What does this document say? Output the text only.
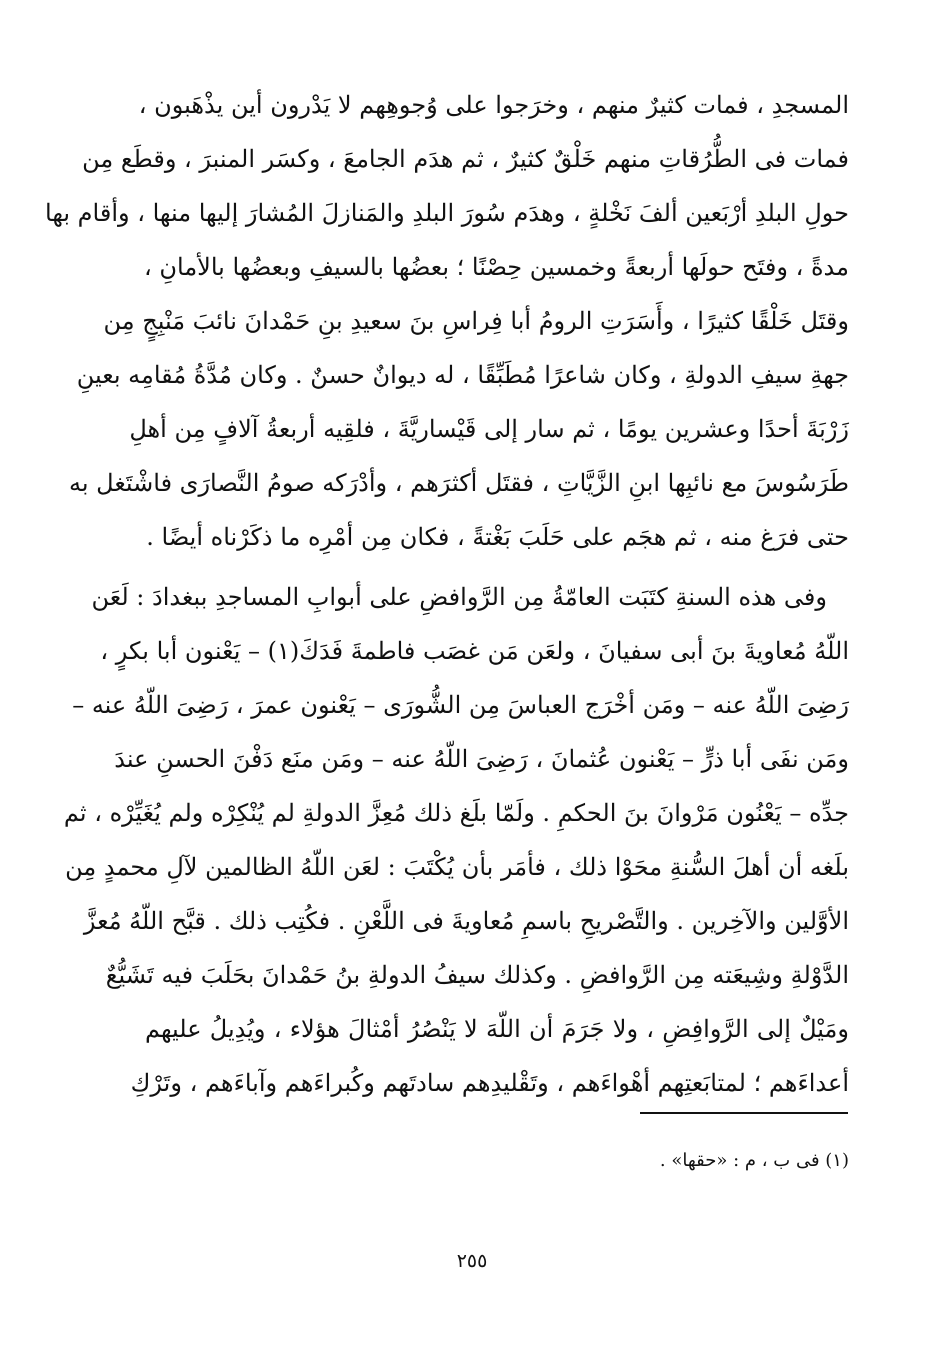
المسجدِ ، فمات كثيرٌ منهم ، وخرَجوا على وُجوهِهم لا يَدْرون أين يذْهَبون ،
فمات فى الطُّرُقاتِ منهم خَلْقٌ كثيرٌ ، ثم هدَم الجامعَ ، وكسَر المنبرَ ، وقطَع مِن
حولِ البلدِ أرْبَعين ألفَ نَخْلةٍ ، وهدَم سُورَ البلدِ والمَنازلَ المُشارَ إليها منها ، وأقام بها
مدةً ، وفتَح حولَها أربعةً وخمسين حِصْنًا ؛ بعضُها بالسيفِ وبعضُها بالأمانِ ،
وقتَل خَلْقًا كثيرًا ، وأَسَرَتِ الرومُ أبا فِراسِ بنَ سعيدِ بنِ حَمْدانَ نائبَ مَنْبِجٍ مِن
جهةِ سيفِ الدولةِ ، وكان شاعرًا مُطَبِّقًا ، له ديوانٌ حسنٌ . وكان مُدَّةُ مُقامِه بعينِ
زَرْبَةَ أحدًا وعشرين يومًا ، ثم سار إلى قَيْساريَّةَ ، فلقِيه أربعةُ آلافٍ مِن أهلِ
طَرَسُوسَ مع نائبِها ابنِ الزَّيَّاتِ ، فقتَل أكثرَهم ، وأدْرَكه صومُ النَّصارَى فاشْتَغل به
حتى فرَغ منه ، ثم هجَم على حَلَبَ بَغْتةً ، فكان مِن أمْرِه ما ذكَرْناه أيضًا .
وفى هذه السنةِ كتَبَت العامّةُ مِن الرَّوافضِ على أبوابِ المساجدِ ببغدادَ : لَعَن
اللّهُ مُعاويةَ بنَ أبى سفيانَ ، ولعَن مَن غصَب فاطمةَ فَدَكَ(١) – يَعْنون أبا بكرٍ ،
رَضِىَ اللّهُ عنه – ومَن أخْرَج العباسَ مِن الشُّورَى – يَعْنون عمرَ ، رَضِىَ اللّهُ عنه –
ومَن نفَى أبا ذرٍّ – يَعْنون عُثمانَ ، رَضِىَ اللّهُ عنه – ومَن منَع دَفْنَ الحسنِ عندَ
جدِّه – يَعْنُون مَرْوانَ بنَ الحكمِ . ولَمّا بلَغ ذلك مُعِزَّ الدولةِ لم يُنْكِرْه ولم يُغَيِّرْه ، ثم
بلَغه أن أهلَ السُّنةِ محَوْا ذلك ، فأمَر بأن يُكْتَبَ : لعَن اللّهُ الظالمين لآلِ محمدٍ مِن
الأوَّلين والآخِرين . والتَّصْريحِ باسمِ مُعاويةَ فى اللَّعْنِ . فكُتِب ذلك . قبَّح اللّهُ مُعزَّ
الدَّوْلةِ وشِيعَته مِن الرَّوافضِ . وكذلك سيفُ الدولةِ بنُ حَمْدانَ بحَلَبَ فيه تَشَيُّعٌ
ومَيْلٌ إلى الرَّوافِضِ ، ولا جَرَمَ أن اللّهَ لا يَنْصُرُ أمْثالَ هؤلاء ، ويُدِيلُ عليهم
أعداءَهم ؛ لمتابَعتِهم أهْواءَهم ، وتَقْليدِهم سادتَهم وكُبراءَهم وآباءَهم ، وتَرْكِ
(١) فى ب ، م : «حقها» .
٢٥٥
